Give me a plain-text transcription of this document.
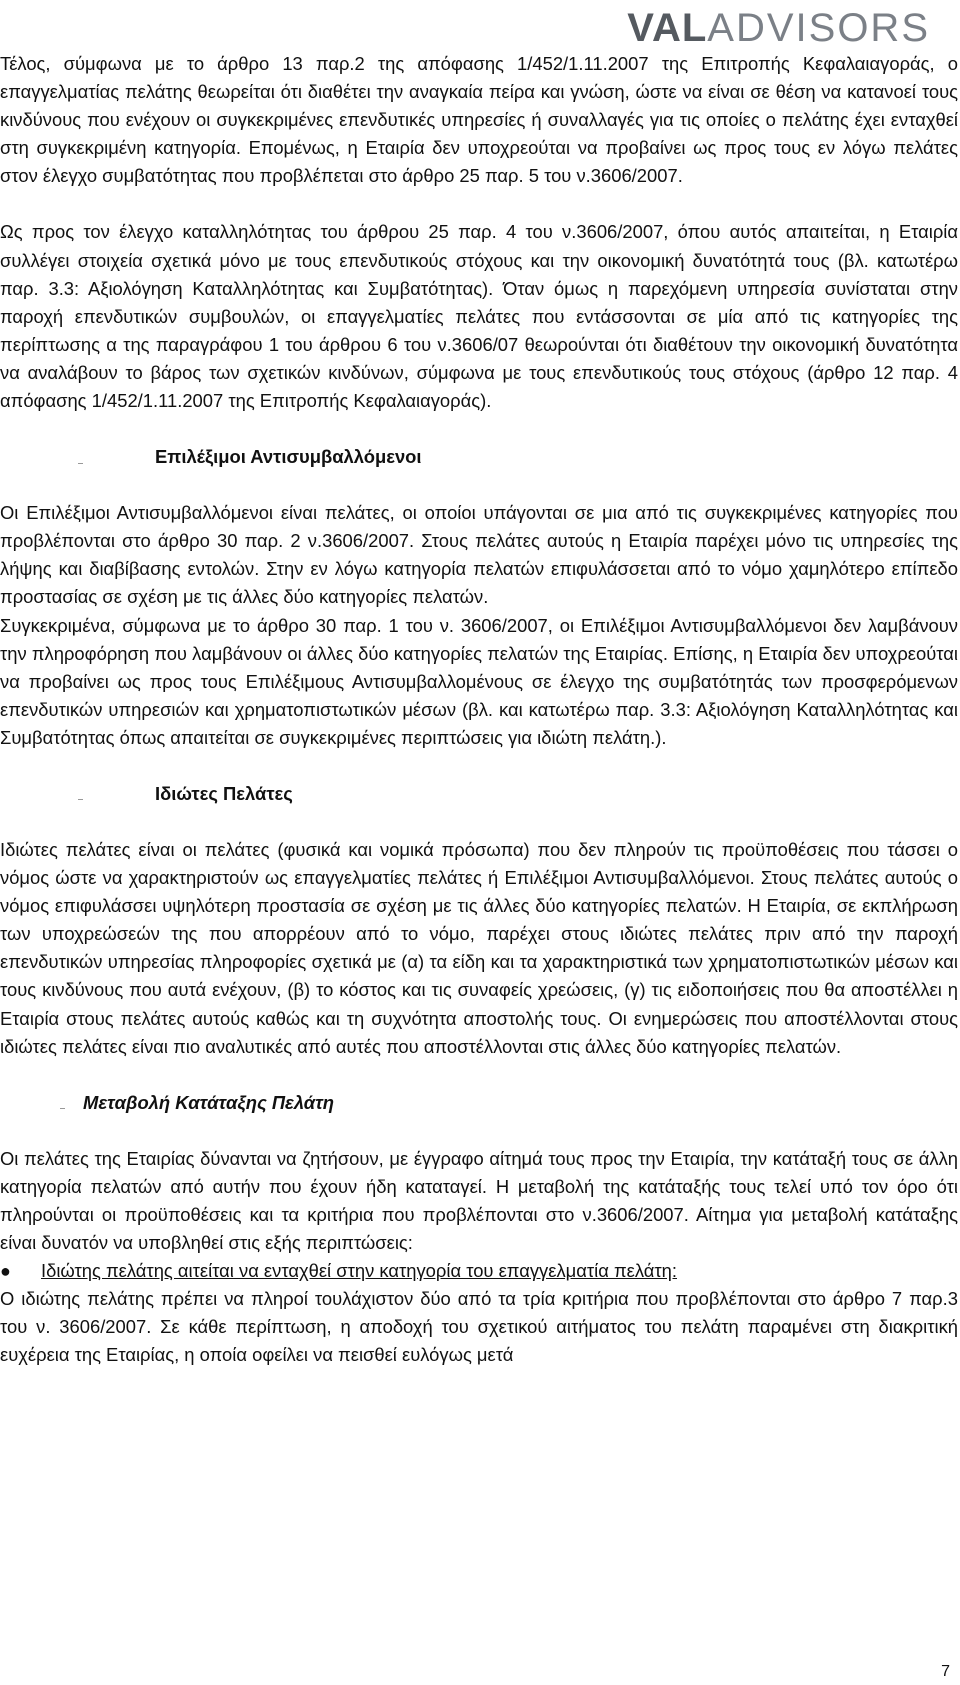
VAL ADVISORS

Τέλος, σύμφωνα με το άρθρο 13 παρ.2 της απόφασης 1/452/1.11.2007 της Επιτροπής Κεφαλαιαγοράς, ο επαγγελματίας πελάτης θεωρείται ότι διαθέτει την αναγκαία πείρα και γνώση, ώστε να είναι σε θέση να κατανοεί τους κινδύνους που ενέχουν οι συγκεκριμένες επενδυτικές υπηρεσίες ή συναλλαγές για τις οποίες ο πελάτης έχει ενταχθεί στη συγκεκριμένη κατηγορία. Επομένως, η Εταιρία δεν υποχρεούται να προβαίνει ως προς τους εν λόγω πελάτες στον έλεγχο συμβατότητας που προβλέπεται στο άρθρο 25 παρ. 5 του ν.3606/2007.

Ως προς τον έλεγχο καταλληλότητας του άρθρου 25 παρ. 4 του ν.3606/2007, όπου αυτός απαιτείται, η Εταιρία συλλέγει στοιχεία σχετικά μόνο με τους επενδυτικούς στόχους και την οικονομική δυνατότητά τους (βλ. κατωτέρω παρ. 3.3: Αξιολόγηση Καταλληλότητας και Συμβατότητας). Όταν όμως η παρεχόμενη υπηρεσία συνίσταται στην παροχή επενδυτικών συμβουλών, οι επαγγελματίες πελάτες που εντάσσονται σε μία από τις κατηγορίες της περίπτωσης α της παραγράφου 1 του άρθρου 6 του ν.3606/07 θεωρούνται ότι διαθέτουν την οικονομική δυνατότητα να αναλάβουν το βάρος των σχετικών κινδύνων, σύμφωνα με τους επενδυτικούς τους στόχους (άρθρο 12 παρ. 4 απόφασης 1/452/1.11.2007 της Επιτροπής Κεφαλαιαγοράς).

Επιλέξιμοι Αντισυμβαλλόμενοι

Οι Επιλέξιμοι Αντισυμβαλλόμενοι είναι πελάτες, οι οποίοι υπάγονται σε μια από τις συγκεκριμένες κατηγορίες που προβλέπονται στο άρθρο 30 παρ. 2 ν.3606/2007. Στους πελάτες αυτούς η Εταιρία παρέχει μόνο τις υπηρεσίες της λήψης και διαβίβασης εντολών. Στην εν λόγω κατηγορία πελατών επιφυλάσσεται από το νόμο χαμηλότερο επίπεδο προστασίας σε σχέση με τις άλλες δύο κατηγορίες πελατών.

Συγκεκριμένα, σύμφωνα με το άρθρο 30 παρ. 1 του ν. 3606/2007, οι Επιλέξιμοι Αντισυμβαλλόμενοι δεν λαμβάνουν την πληροφόρηση που λαμβάνουν οι άλλες δύο κατηγορίες πελατών της Εταιρίας. Επίσης, η Εταιρία δεν υποχρεούται να προβαίνει ως προς τους Επιλέξιμους Αντισυμβαλλομένους σε έλεγχο της συμβατότητάς των προσφερόμενων επενδυτικών υπηρεσιών και χρηματοπιστωτικών μέσων (βλ. και κατωτέρω παρ. 3.3: Αξιολόγηση Καταλληλότητας και Συμβατότητας όπως απαιτείται σε συγκεκριμένες περιπτώσεις για ιδιώτη πελάτη.).

Ιδιώτες Πελάτες

Ιδιώτες πελάτες είναι οι πελάτες (φυσικά και νομικά πρόσωπα) που δεν πληρούν τις προϋποθέσεις που τάσσει ο νόμος ώστε να χαρακτηριστούν ως επαγγελματίες πελάτες ή Επιλέξιμοι Αντισυμβαλλόμενοι. Στους πελάτες αυτούς ο νόμος επιφυλάσσει υψηλότερη προστασία σε σχέση με τις άλλες δύο κατηγορίες πελατών. Η Εταιρία, σε εκπλήρωση των υποχρεώσεών της που απορρέουν από το νόμο, παρέχει στους ιδιώτες πελάτες πριν από την παροχή επενδυτικών υπηρεσίας πληροφορίες σχετικά με (α) τα είδη και τα χαρακτηριστικά των χρηματοπιστωτικών μέσων και τους κινδύνους που αυτά ενέχουν, (β) το κόστος και τις συναφείς χρεώσεις, (γ) τις ειδοποιήσεις που θα αποστέλλει η Εταιρία στους πελάτες αυτούς καθώς και τη συχνότητα αποστολής τους. Οι ενημερώσεις που αποστέλλονται στους ιδιώτες πελάτες είναι πιο αναλυτικές από αυτές που αποστέλλονται στις άλλες δύο κατηγορίες πελατών.

Μεταβολή Κατάταξης Πελάτη

Οι πελάτες της Εταιρίας δύνανται να ζητήσουν, με έγγραφο αίτημά τους προς την Εταιρία, την κατάταξή τους σε άλλη κατηγορία πελατών από αυτήν που έχουν ήδη καταταγεί. Η μεταβολή της κατάταξής τους τελεί υπό τον όρο ότι πληρούνται οι προϋποθέσεις και τα κριτήρια που προβλέπονται στο ν.3606/2007. Αίτημα για μεταβολή κατάταξης είναι δυνατόν να υποβληθεί στις εξής περιπτώσεις:

●	Ιδιώτης πελάτης αιτείται να ενταχθεί στην κατηγορία του επαγγελματία πελάτη:

Ο ιδιώτης πελάτης πρέπει να πληροί τουλάχιστον δύο από τα τρία κριτήρια που προβλέπονται στο άρθρο 7 παρ.3 του ν. 3606/2007. Σε κάθε περίπτωση, η αποδοχή του σχετικού αιτήματος του πελάτη παραμένει στη διακριτική ευχέρεια της Εταιρίας, η οποία οφείλει να πεισθεί ευλόγως μετά

7
